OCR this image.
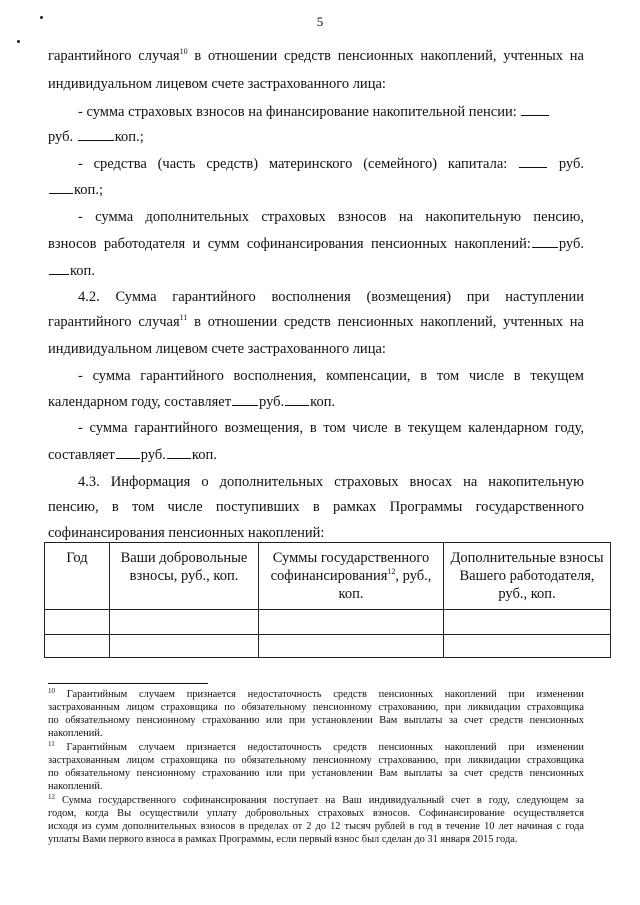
5
гарантийного случая$^{10}$ в отношении средств пенсионных накоплений, учтенных на
индивидуальном лицевом счете застрахованного лица:
- сумма страховых взносов на финансирование накопительной пенсии:
руб.	коп.;
- средства (часть средств) материнского (семейного) капитала:	руб.
коп.;
- сумма дополнительных страховых взносов на накопительную пенсию,
взносов работодателя и сумм софинансирования пенсионных накоплений: руб.
коп.
4.2. Сумма гарантийного восполнения (возмещения) при наступлении
гарантийного случая$^{11}$ в отношении средств пенсионных накоплений, учтенных на
индивидуальном лицевом счете застрахованного лица:
- сумма гарантийного восполнения, компенсации, в том числе в текущем
календарном году, составляет руб. коп.
- сумма гарантийного возмещения, в том числе в текущем календарном году,
составляет руб. коп.
4.3. Информация о дополнительных страховых вносах на накопительную
пенсию, в том числе поступивших в рамках Программы государственного
софинансирования пенсионных накоплений:
Год	Ваши добровольные взносы, руб., коп.	Суммы государственного софинансирования$^{12}$, руб., коп.	Дополнительные взносы Вашего работодателя, руб., коп.

$^{10}$ Гарантийным случаем признается недостаточность средств пенсионных накоплений при изменении
застрахованным лицом страховщика по обязательному пенсионному страхованию, при ликвидации страховщика
по обязательному пенсионному страхованию или при установлении Вам выплаты за счет средств пенсионных
накоплений.
$^{11}$ Гарантийным случаем признается недостаточность средств пенсионных накоплений при изменении
застрахованным лицом страховщика по обязательному пенсионному страхованию, при ликвидации страховщика
по обязательному пенсионному страхованию или при установлении Вам выплаты за счет средств пенсионных
накоплений.
$^{12}$ Сумма государственного софинансирования поступает на Ваш индивидуальный счет в году, следующем за
годом, когда Вы осуществили уплату добровольных страховых взносов. Софинансирование осуществляется
исходя из сумм дополнительных взносов в пределах от 2 до 12 тысяч рублей в год в течение 10 лет начиная с года
уплаты Вами первого взноса в рамках Программы, если первый взнос был сделан до 31 января 2015 года.
